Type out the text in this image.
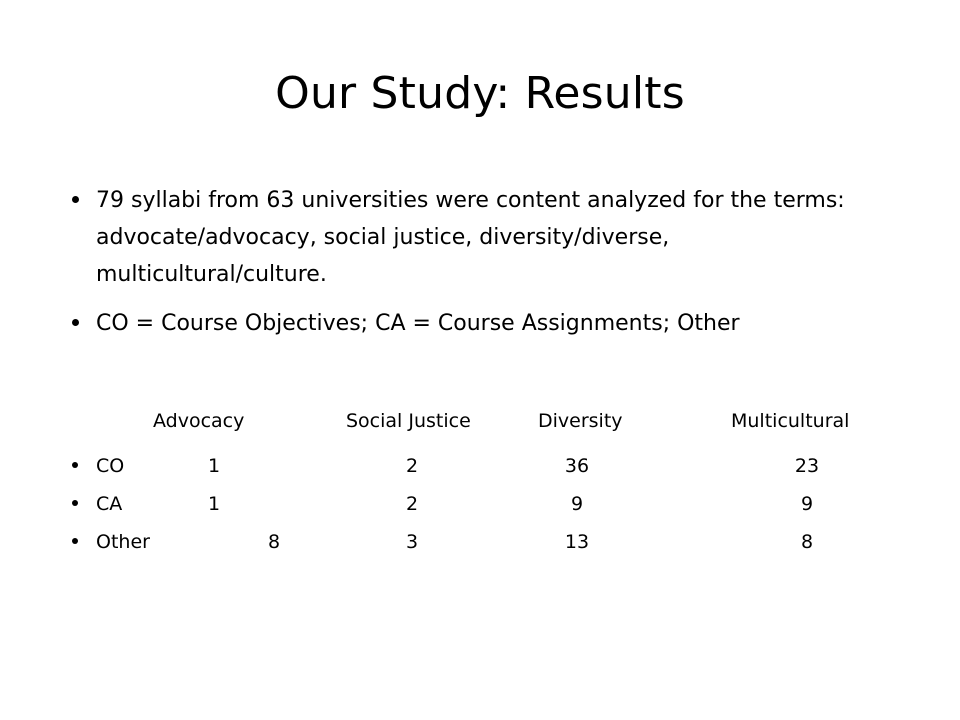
Our Study: Results
79 syllabi from 63 universities were content analyzed for the terms: advocate/advocacy, social justice, diversity/diverse, multicultural/culture.
CO = Course Objectives; CA = Course Assignments; Other
Advocacy	Social Justice	Diversity	Multicultural
CO	1	2	36	23
CA	1	2	9	9
Other	8	3	13	8
